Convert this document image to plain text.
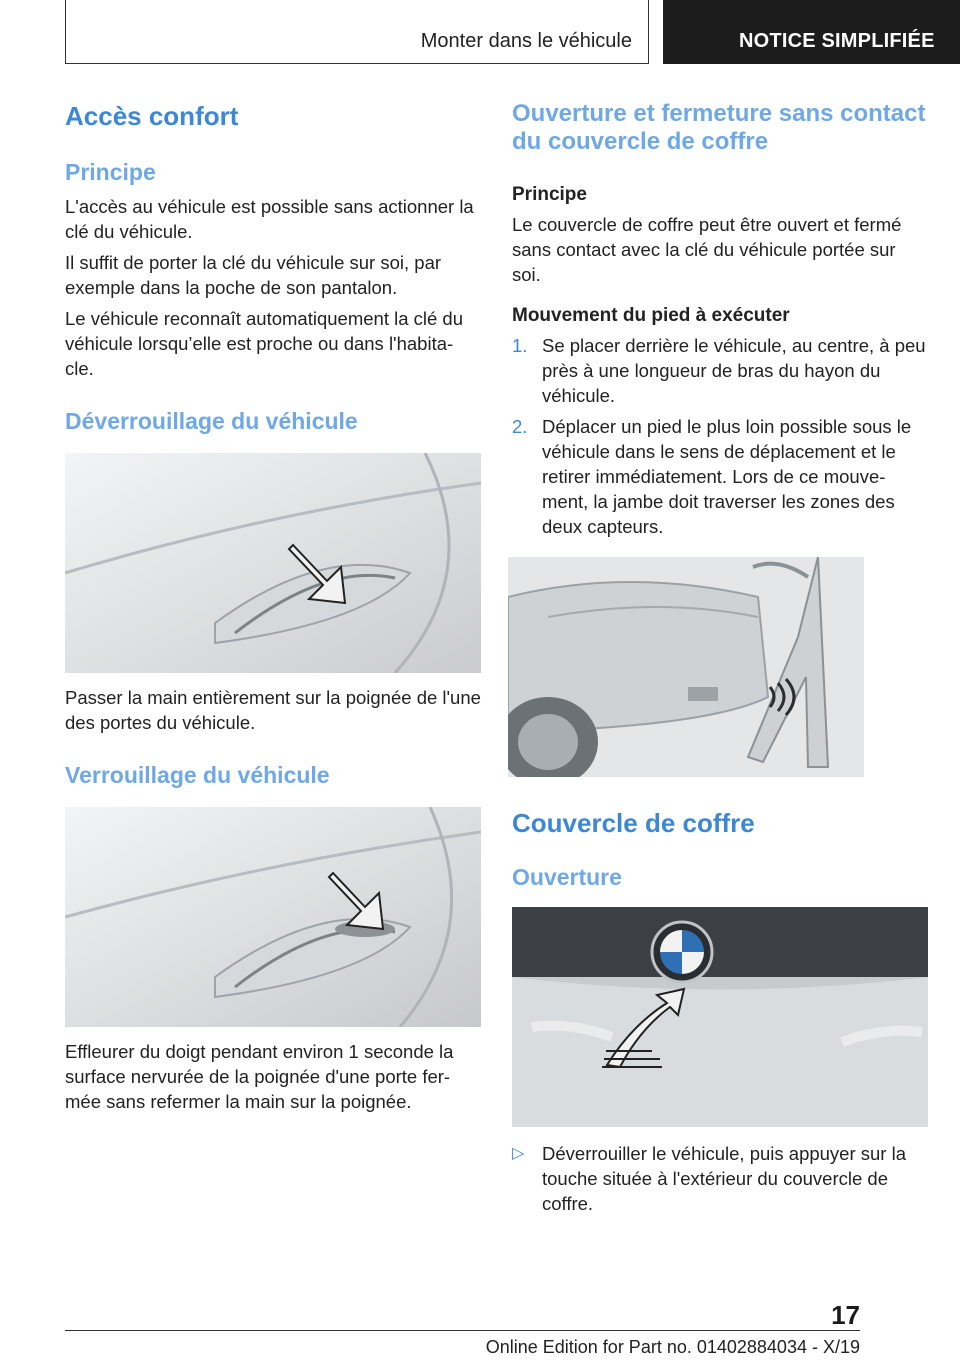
Monter dans le véhicule	NOTICE SIMPLIFIÉE
Accès confort
Principe

L'accès au véhicule est possible sans actionner la clé du véhicule.

Il suffit de porter la clé du véhicule sur soi, par exemple dans la poche de son pantalon.

Le véhicule reconnaît automatiquement la clé du véhicule lorsqu’elle est proche ou dans l'habita‐ cle.

Déverrouillage du véhicule

Passer la main entièrement sur la poignée de l'une des portes du véhicule.

Verrouillage du véhicule

Effleurer du doigt pendant environ 1 seconde la surface nervurée de la poignée d'une porte fer‐ mée sans refermer la main sur la poignée.

Ouverture et fermeture sans contact du couvercle de coffre
Principe

Le couvercle de coffre peut être ouvert et fermé sans contact avec la clé du véhicule portée sur soi.

Mouvement du pied à exécuter
1. Se placer derrière le véhicule, au centre, à peu près à une longueur de bras du hayon du véhicule.
2. Déplacer un pied le plus loin possible sous le véhicule dans le sens de déplacement et le retirer immédiatement. Lors de ce mouve‐ ment, la jambe doit traverser les zones des deux capteurs.
Couvercle de coffre
Ouverture
▷ Déverrouiller le véhicule, puis appuyer sur la touche située à l'extérieur du couvercle de coffre.
17
Online Edition for Part no. 01402884034 - X/19
